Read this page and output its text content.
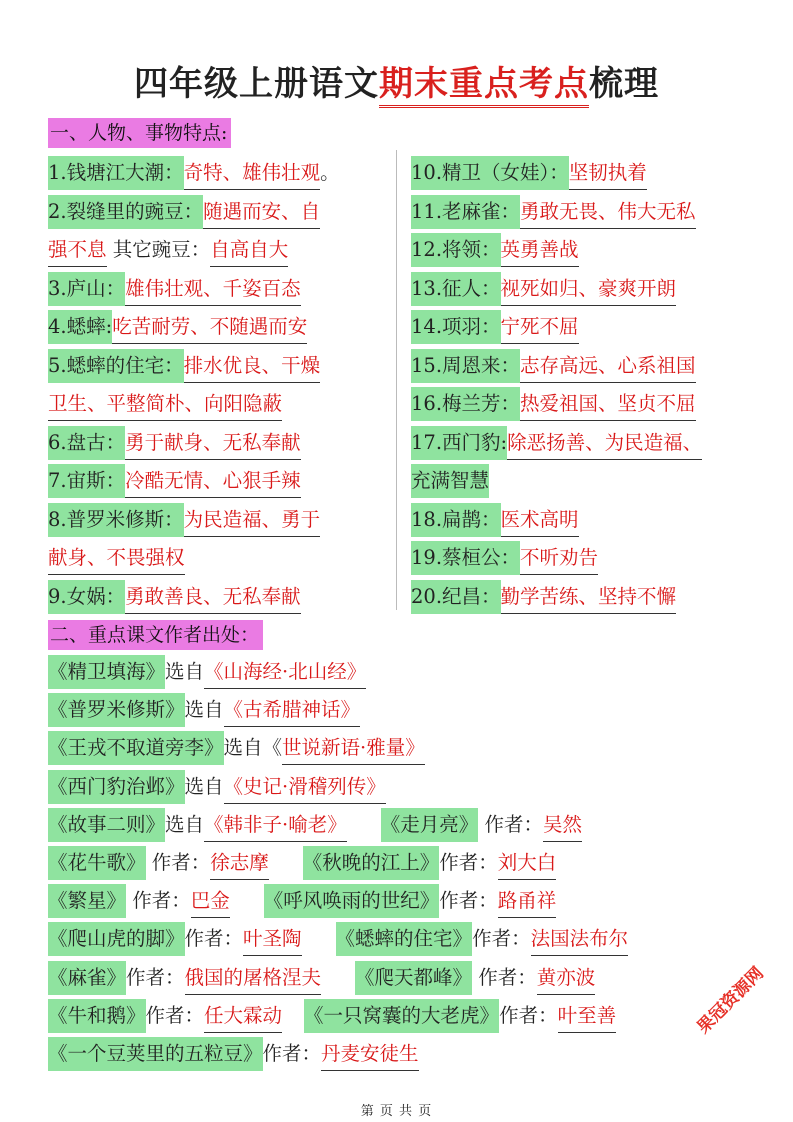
四年级上册语文期末重点考点梳理
一、人物、事物特点:
1.钱塘江大潮：奇特、雄伟壮观。
2.裂缝里的豌豆：随遇而安、自
强不息 其它豌豆：自高自大
3.庐山：雄伟壮观、千姿百态
4.蟋蟀:吃苦耐劳、不随遇而安
5.蟋蟀的住宅：排水优良、干燥
卫生、平整简朴、向阳隐蔽
6.盘古：勇于献身、无私奉献
7.宙斯：冷酷无情、心狠手辣
8.普罗米修斯：为民造福、勇于
献身、不畏强权
9.女娲：勇敢善良、无私奉献
10.精卫（女娃）：坚韧执着
11.老麻雀：勇敢无畏、伟大无私
12.将领：英勇善战
13.征人：视死如归、豪爽开朗
14.项羽：宁死不屈
15.周恩来：志存高远、心系祖国
16.梅兰芳：热爱祖国、坚贞不屈
17.西门豹:除恶扬善、为民造福、
充满智慧
18.扁鹊：医术高明
19.蔡桓公：不听劝告
20.纪昌：勤学苦练、坚持不懈
二、重点课文作者出处：
《精卫填海》选自《山海经·北山经》
《普罗米修斯》选自《古希腊神话》
《王戎不取道旁李》选自《世说新语·雅量》
《西门豹治邺》选自《史记·滑稽列传》
《故事二则》选自《韩非子·喻老》 《走月亮》 作者：吴然
《花牛歌》 作者：徐志摩 《秋晚的江上》作者：刘大白
《繁星》 作者：巴金 《呼风唤雨的世纪》作者：路甬祥
《爬山虎的脚》作者：叶圣陶 《蟋蟀的住宅》作者：法国法布尔
《麻雀》作者：俄国的屠格涅夫 《爬天都峰》 作者：黄亦波
《牛和鹅》作者：任大霖动 《一只窝囊的大老虎》作者：叶至善
《一个豆荚里的五粒豆》作者：丹麦安徒生
果冠资源网
第 页 共 页
